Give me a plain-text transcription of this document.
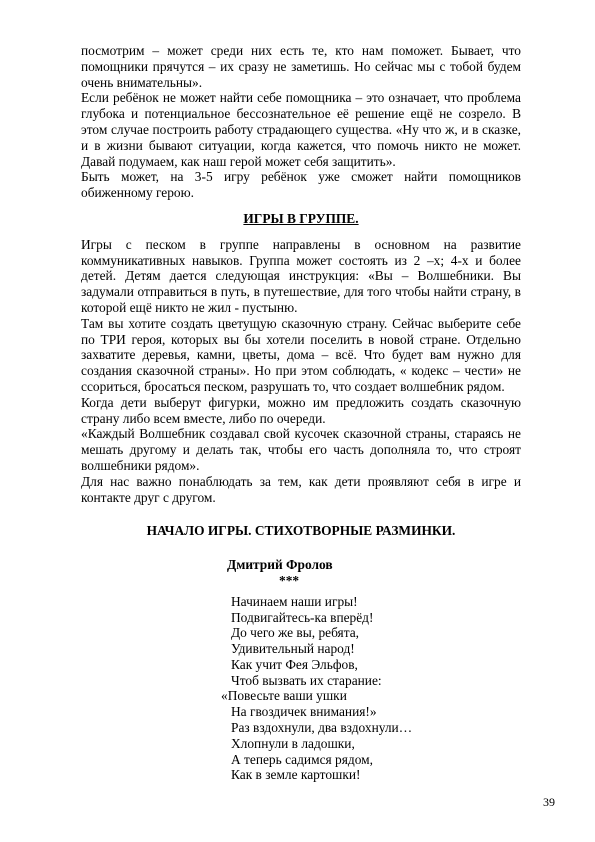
посмотрим – может среди них есть те, кто нам поможет. Бывает, что помощники прячутся – их сразу не заметишь. Но сейчас мы с тобой будем очень внимательны».

Если ребёнок не может найти себе помощника – это означает, что проблема глубока и потенциальное бессознательное её решение ещё не созрело. В этом случае построить работу страдающего существа. «Ну что ж, и в сказке, и в жизни бывают ситуации, когда кажется, что помочь никто не может. Давай подумаем, как наш герой может себя защитить».

Быть может, на 3-5 игру ребёнок уже сможет найти помощников обиженному герою.

ИГРЫ В ГРУППЕ.

Игры с песком в группе направлены в основном на развитие коммуникативных навыков. Группа может состоять из 2 –х; 4-х и более детей. Детям дается следующая инструкция: «Вы – Волшебники. Вы задумали отправиться в путь, в путешествие, для того чтобы найти страну, в которой ещё никто не жил - пустыню.

Там вы хотите создать цветущую сказочную страну. Сейчас выберите себе по ТРИ героя, которых вы бы хотели поселить в новой стране. Отдельно захватите деревья, камни, цветы, дома – всё. Что будет вам нужно для создания сказочной страны». Но при этом соблюдать, « кодекс – чести» не ссориться, бросаться песком, разрушать то, что создает волшебник рядом.

Когда дети выберут фигурки, можно им предложить создать сказочную страну либо всем вместе, либо по очереди.

«Каждый Волшебник создавал свой кусочек сказочной страны, стараясь не мешать другому и делать так, чтобы его часть дополняла то, что строят волшебники рядом».

Для нас важно понаблюдать за тем, как дети проявляют себя в игре и контакте друг с другом.

НАЧАЛО ИГРЫ. СТИХОТВОРНЫЕ РАЗМИНКИ.

Дмитрий Фролов

***

Начинаем наши игры!

Подвигайтесь-ка вперёд!

До чего же вы, ребята,

Удивительный народ!

Как учит Фея Эльфов,

Чтоб вызвать их старание:

«Повесьте ваши ушки

На гвоздичек внимания!»

Раз вздохнули, два вздохнули…

Хлопнули в ладошки,

А теперь садимся рядом,

Как в земле картошки!

39
